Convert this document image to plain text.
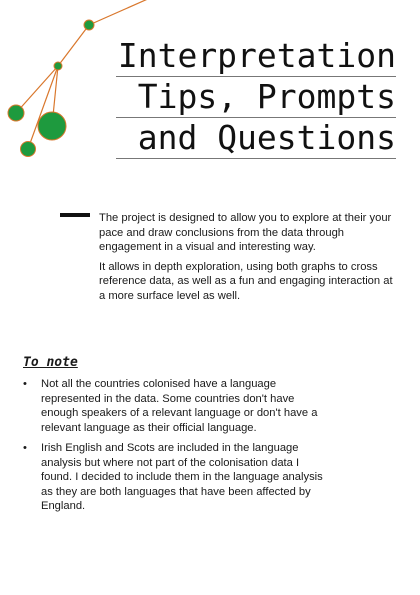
Interpretation
Tips, Prompts
and Questions

The project is designed to allow you to explore at their your pace and draw conclusions from the data through engagement in a visual and interesting way.

It allows in depth exploration, using both graphs to cross reference data, as well as a fun and engaging interaction at a more surface level as well.

To note
• Not all the countries colonised have a language represented in the data. Some countries don't have enough speakers of a relevant language or don't have a relevant language as their official language.
• Irish English and Scots are included in the language analysis but where not part of the colonisation data I found. I decided to include them in the language analysis as they are both languages that have been affected by England.
